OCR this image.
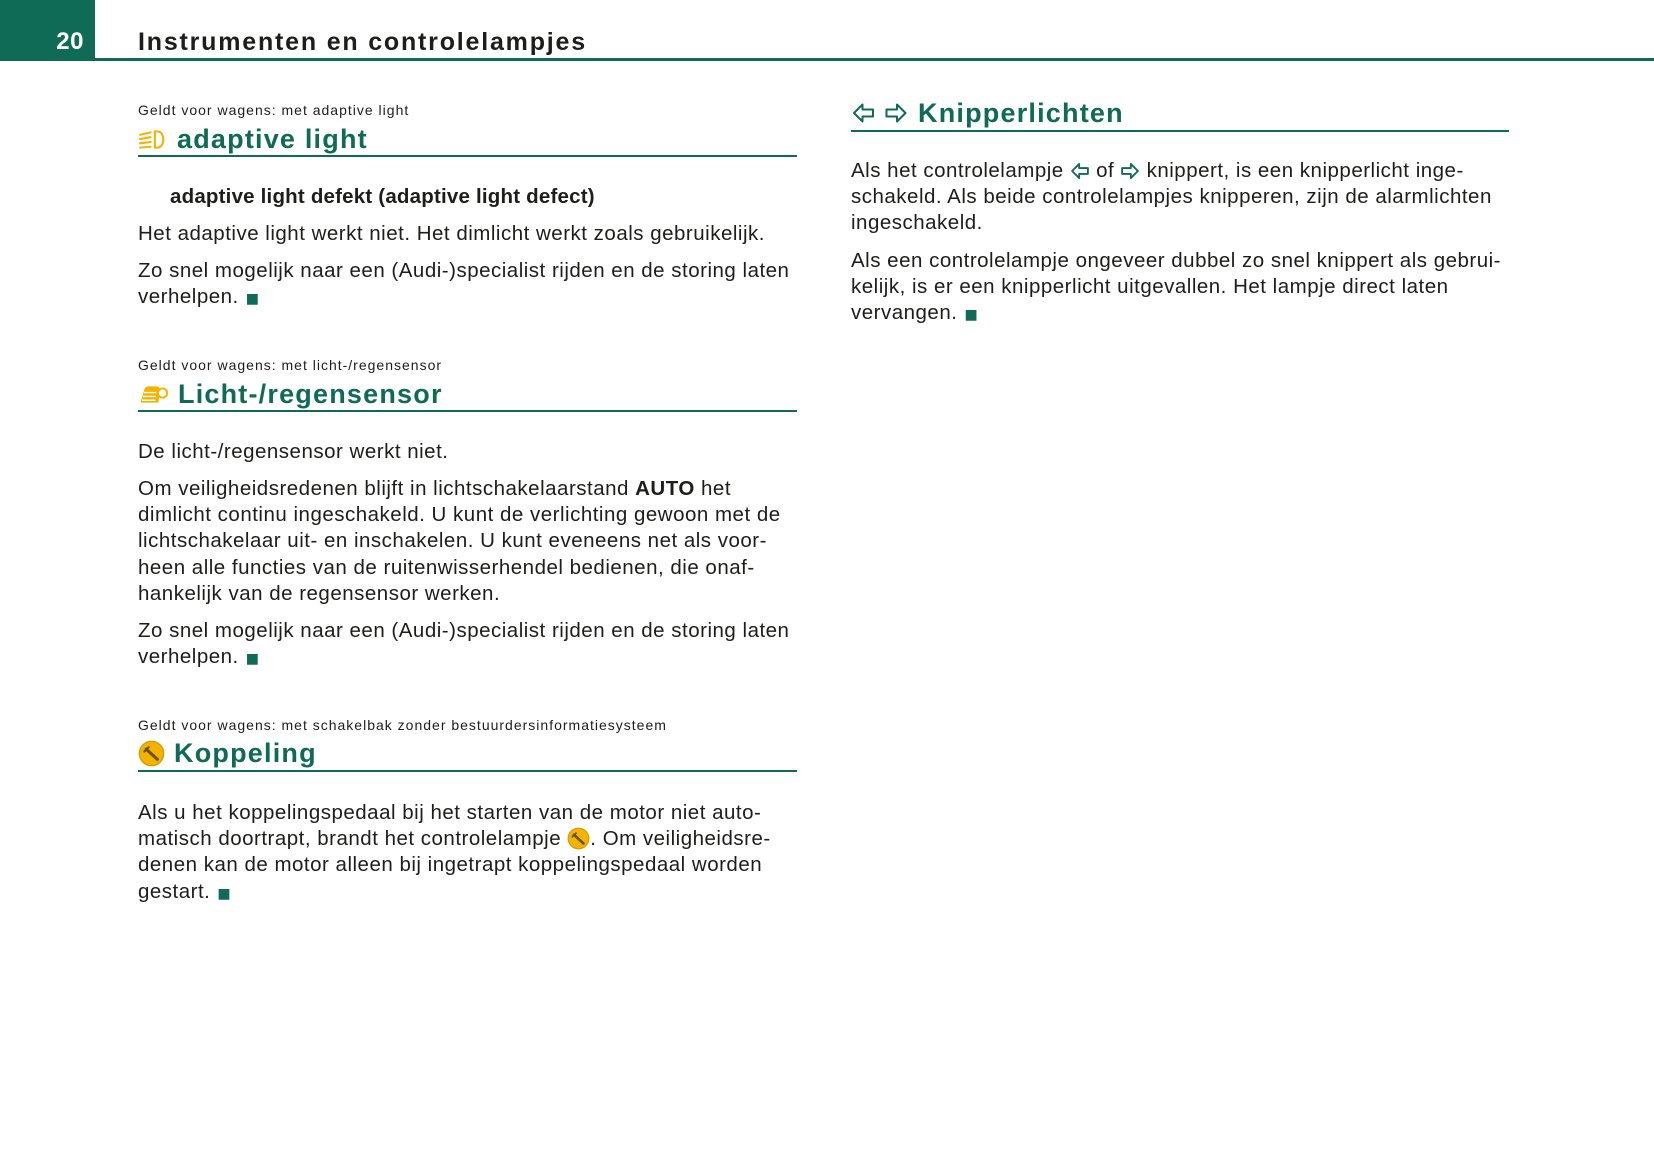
20 Instrumenten en controlelampjes
Geldt voor wagens: met adaptive light
adaptive light
adaptive light defekt (adaptive light defect)
Het adaptive light werkt niet. Het dimlicht werkt zoals gebruikelijk.
Zo snel mogelijk naar een (Audi-)specialist rijden en de storing laten
verhelpen. ■
Geldt voor wagens: met licht-/regensensor
Licht-/regensensor
De licht-/regensensor werkt niet.
Om veiligheidsredenen blijft in lichtschakelaarstand AUTO het
dimlicht continu ingeschakeld. U kunt de verlichting gewoon met de
lichtschakelaar uit- en inschakelen. U kunt eveneens net als voor-
heen alle functies van de ruitenwisserhendel bedienen, die onaf-
hankelijk van de regensensor werken.
Zo snel mogelijk naar een (Audi-)specialist rijden en de storing laten
verhelpen. ■
Geldt voor wagens: met schakelbak zonder bestuurdersinformatiesysteem
Koppeling
Als u het koppelingspedaal bij het starten van de motor niet auto-
matisch doortrapt, brandt het controlelampje
. Om veiligheidsre-
denen kan de motor alleen bij ingetrapt koppelingspedaal worden
gestart. ■
Knipperlichten
Als het controlelampje
of
knippert, is een knipperlicht inge-
schakeld. Als beide controlelampjes knipperen, zijn de alarmlichten
ingeschakeld.
Als een controlelampje ongeveer dubbel zo snel knippert als gebrui-
kelijk, is er een knipperlicht uitgevallen. Het lampje direct laten
vervangen. ■
